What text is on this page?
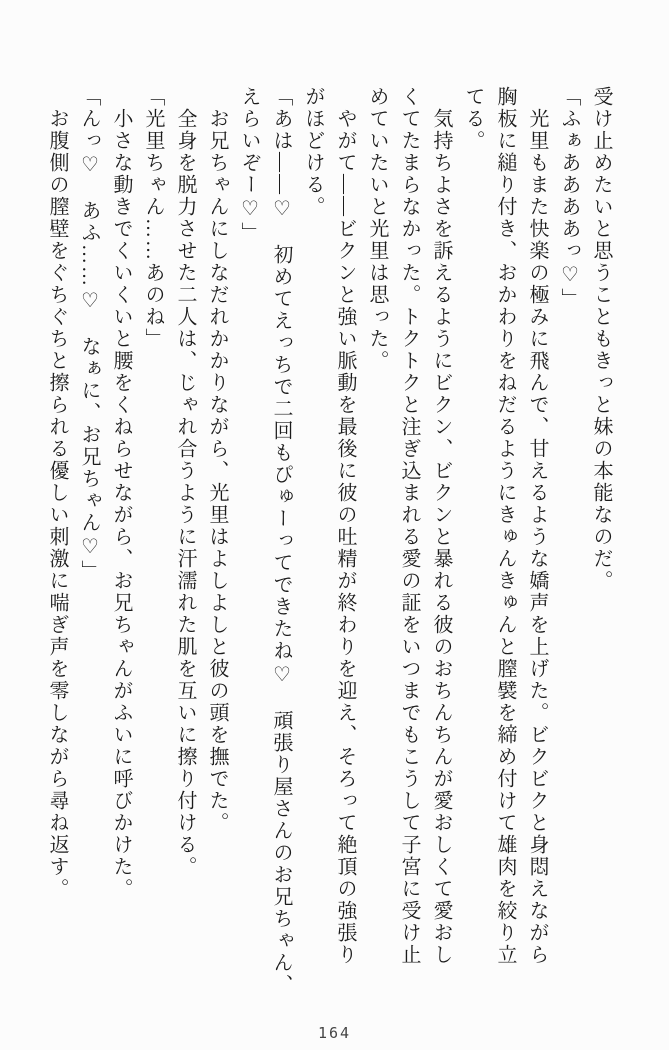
受け止めたいと思うこともきっと妹の本能なのだ。
「ふぁああああっ♡」
　光里もまた快楽の極みに飛んで、甘えるような嬌声を上げた。ビクビクと身悶えながら
胸板に縋り付き、おかわりをねだるようにきゅんきゅんと膣襞を締め付けて雄肉を絞り立
てる。
　気持ちよさを訴えるようにビクン、ビクンと暴れる彼のおちんちんが愛おしくて愛おし
くてたまらなかった。トクトクと注ぎ込まれる愛の証をいつまでもこうして子宮に受け止
めていたいと光里は思った。
　やがて――ビクンと強い脈動を最後に彼の吐精が終わりを迎え、そろって絶頂の強張り
がほどける。
「あは――♡　初めてえっちで二回もぴゅーってできたね♡　頑張り屋さんのお兄ちゃん、
えらいぞー♡」
　お兄ちゃんにしなだれかかりながら、光里はよしよしと彼の頭を撫でた。
　全身を脱力させた二人は、じゃれ合うように汗濡れた肌を互いに擦り付ける。
「光里ちゃん……あのね」
　小さな動きでくいくいと腰をくねらせながら、お兄ちゃんがふいに呼びかけた。
「んっ♡　あふ……♡　なぁに、お兄ちゃん♡」
　お腹側の膣壁をぐちぐちと擦られる優しい刺激に喘ぎ声を零しながら尋ね返す。
164
